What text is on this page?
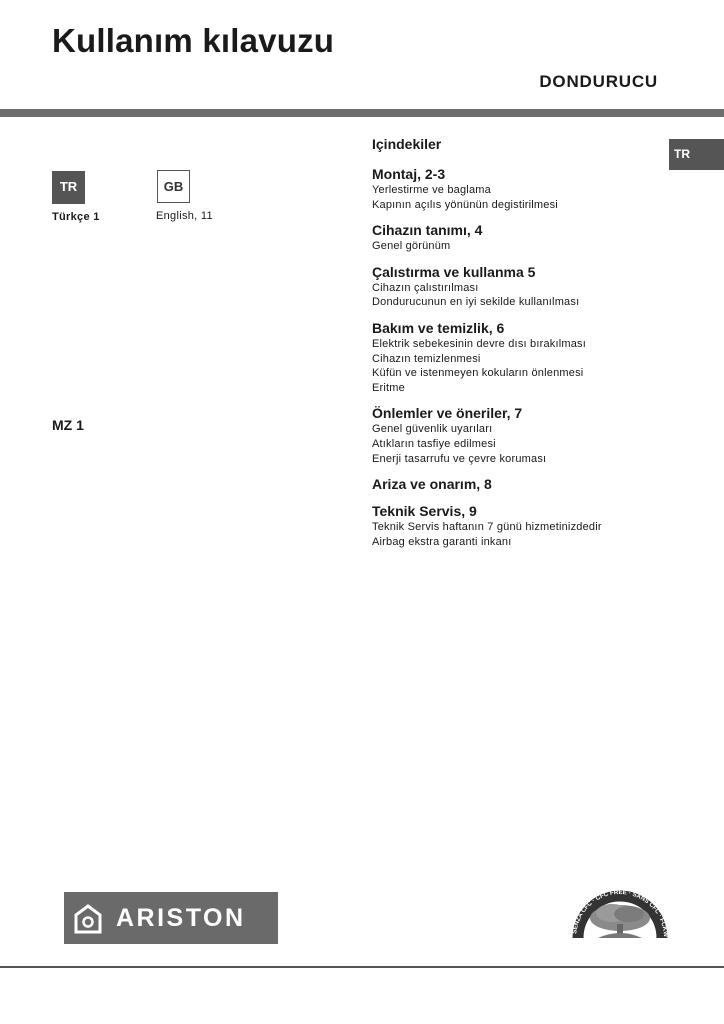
Kullanım kılavuzu
DONDURUCU
TR
TR	GB
Türkçe 1	English, 11
MZ 1
Içindekiler
Montaj, 2-3
Yerlestirme ve baglama
Kapının açılıs yönünün degistirilmesi
Cihazın tanımı, 4
Genel görünüm
Çalıstırma ve kullanma 5
Cihazın çalıstırılması
Dondurucunun en iyi sekilde kullanılması
Bakım ve temizlik, 6
Elektrik sebekesinin devre dısı bırakılması
Cihazın temizlenmesi
Küfün ve istenmeyen kokuların önlenmesi
Eritme
Önlemler ve öneriler, 7
Genel güvenlik uyarıları
Atıkların tasfiye edilmesi
Enerji tasarrufu ve çevre koruması
Ariza ve onarım, 8
Teknik Servis, 9
Teknik Servis haftanın 7 günü hizmetinizdedir
Airbag ekstra garanti inkanı
ARISTON	SENZA CFC · CFC FREE · SANS CFC · FCKW
